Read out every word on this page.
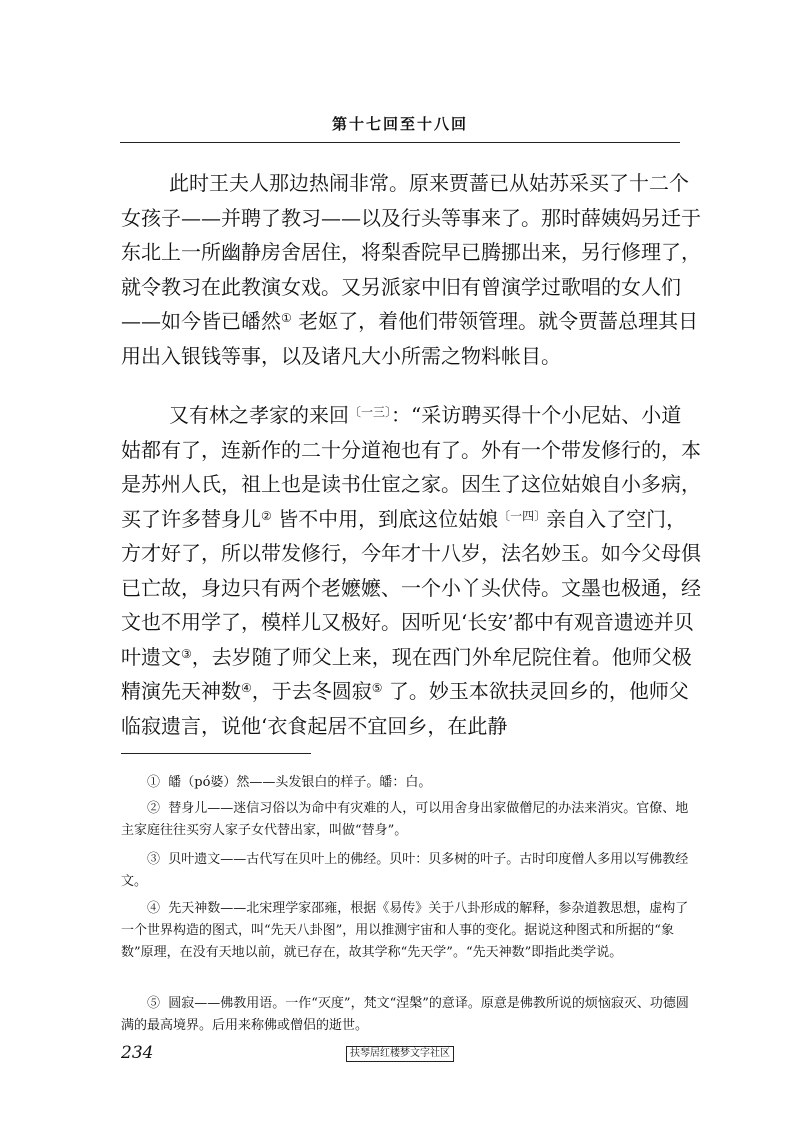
第十七回至十八回

此时王夫人那边热闹非常。原来贾蔷已从姑苏采买了十二个女孩子——并聘了教习——以及行头等事来了。那时薛姨妈另迁于东北上一所幽静房舍居住，将梨香院早已腾挪出来，另行修理了，就令教习在此教演女戏。又另派家中旧有曾演学过歌唱的女人们——如今皆已皤然① 老妪了，着他们带领管理。就令贾蔷总理其日用出入银钱等事，以及诸凡大小所需之物料帐目。

又有林之孝家的来回$^{〔一三〕}$：“采访聘买得十个小尼姑、小道姑都有了，连新作的二十分道袍也有了。外有一个带发修行的，本是苏州人氏，祖上也是读书仕宦之家。因生了这位姑娘自小多病，买了许多替身儿② 皆不中用，到底这位姑娘$^{〔一四〕}$亲自入了空门，方才好了，所以带发修行，今年才十八岁，法名妙玉。如今父母俱已亡故，身边只有两个老嬷嬷、一个小丫头伏侍。文墨也极通，经文也不用学了，模样儿又极好。因听见‘长安’都中有观音遗迹并贝叶遗文③，去岁随了师父上来，现在西门外牟尼院住着。他师父极精演先天神数④，于去冬圆寂⑤ 了。妙玉本欲扶灵回乡的，他师父临寂遗言，说他‘衣食起居不宜回乡，在此静

① 皤（pó婆）然——头发银白的样子。皤：白。

② 替身儿——迷信习俗以为命中有灾难的人，可以用舍身出家做僧尼的办法来消灾。官僚、地主家庭往往买穷人家子女代替出家，叫做“替身”。

③ 贝叶遗文——古代写在贝叶上的佛经。贝叶：贝多树的叶子。古时印度僧人多用以写佛教经文。

④ 先天神数——北宋理学家邵雍，根据《易传》关于八卦形成的解释，参杂道教思想，虚构了一个世界构造的图式，叫“先天八卦图”，用以推测宇宙和人事的变化。据说这种图式和所据的“象数”原理，在没有天地以前，就已存在，故其学称“先天学”。“先天神数”即指此类学说。

⑤ 圆寂——佛教用语。一作“灭度”，梵文“涅槃”的意译。原意是佛教所说的烦恼寂灭、功德圆满的最高境界。后用来称佛或僧侣的逝世。

234	扶琴居红楼梦文字社区
